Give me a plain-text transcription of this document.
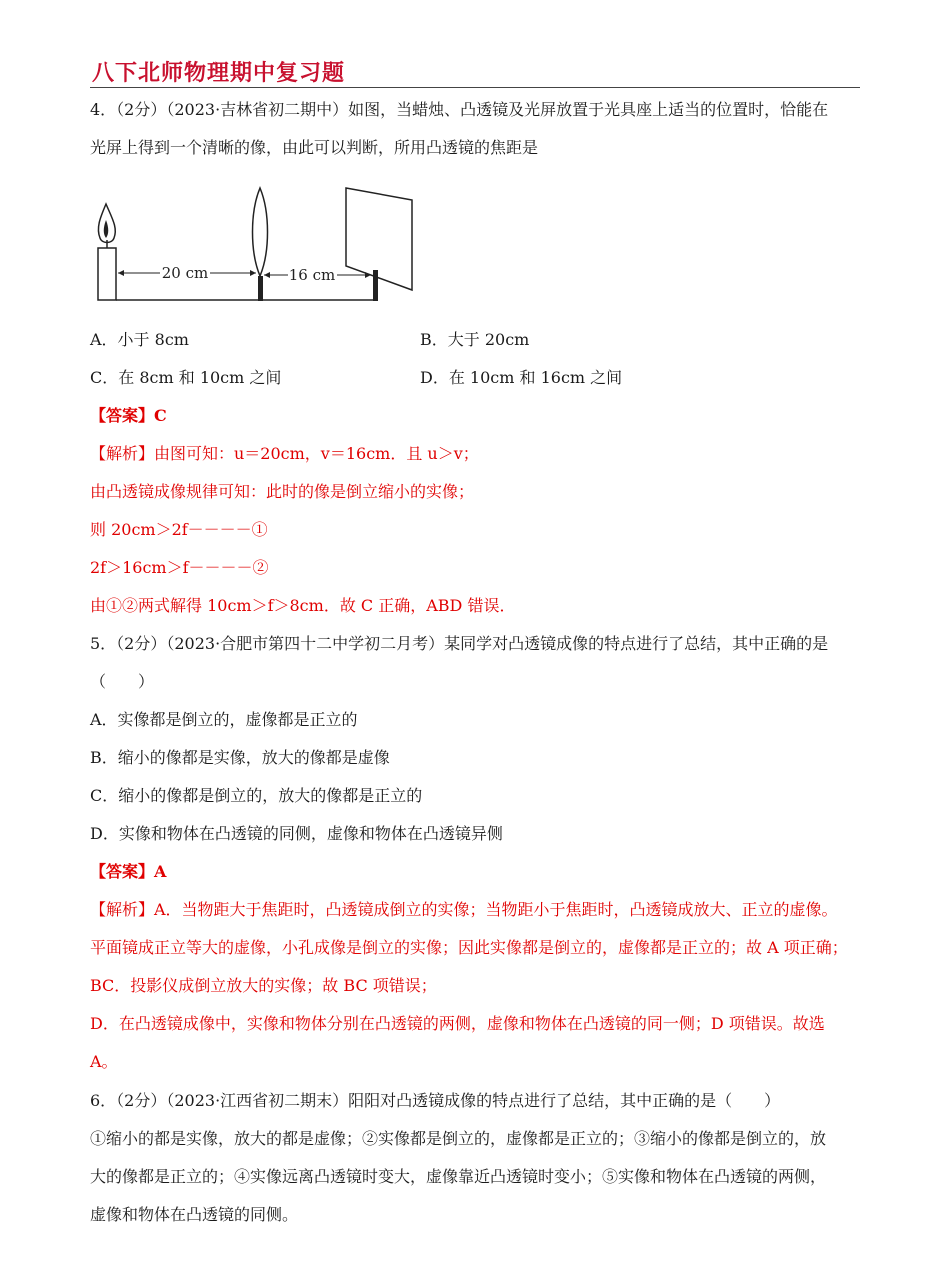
八下北师物理期中复习题
4．（2分）（2023·吉林省初二期中）如图，当蜡烛、凸透镜及光屏放置于光具座上适当的位置时，恰能在
光屏上得到一个清晰的像，由此可以判断，所用凸透镜的焦距是
20 cm	16 cm
A．小于 8cm	B．大于 20cm
C．在 8cm 和 10cm 之间	D．在 10cm 和 16cm 之间
【答案】C
【解析】由图可知：u＝20cm，v＝16cm．且 u＞v；
由凸透镜成像规律可知：此时的像是倒立缩小的实像；
则 20cm＞2f－－－－①
2f＞16cm＞f－－－－②
由①②两式解得 10cm＞f＞8cm．故 C 正确，ABD 错误．
5．（2分）（2023·合肥市第四十二中学初二月考）某同学对凸透镜成像的特点进行了总结，其中正确的是
（　　）
A．实像都是倒立的，虚像都是正立的
B．缩小的像都是实像，放大的像都是虚像
C．缩小的像都是倒立的，放大的像都是正立的
D．实像和物体在凸透镜的同侧，虚像和物体在凸透镜异侧
【答案】A
【解析】A．当物距大于焦距时，凸透镜成倒立的实像；当物距小于焦距时，凸透镜成放大、正立的虚像。
平面镜成正立等大的虚像，小孔成像是倒立的实像；因此实像都是倒立的，虚像都是正立的；故 A 项正确；
BC．投影仪成倒立放大的实像；故 BC 项错误；
D．在凸透镜成像中，实像和物体分别在凸透镜的两侧，虚像和物体在凸透镜的同一侧；D 项错误。故选
A。
6．（2分）（2023·江西省初二期末）阳阳对凸透镜成像的特点进行了总结，其中正确的是（　　）
①缩小的都是实像，放大的都是虚像；②实像都是倒立的，虚像都是正立的；③缩小的像都是倒立的，放
大的像都是正立的；④实像远离凸透镜时变大，虚像靠近凸透镜时变小；⑤实像和物体在凸透镜的两侧，
虚像和物体在凸透镜的同侧。
